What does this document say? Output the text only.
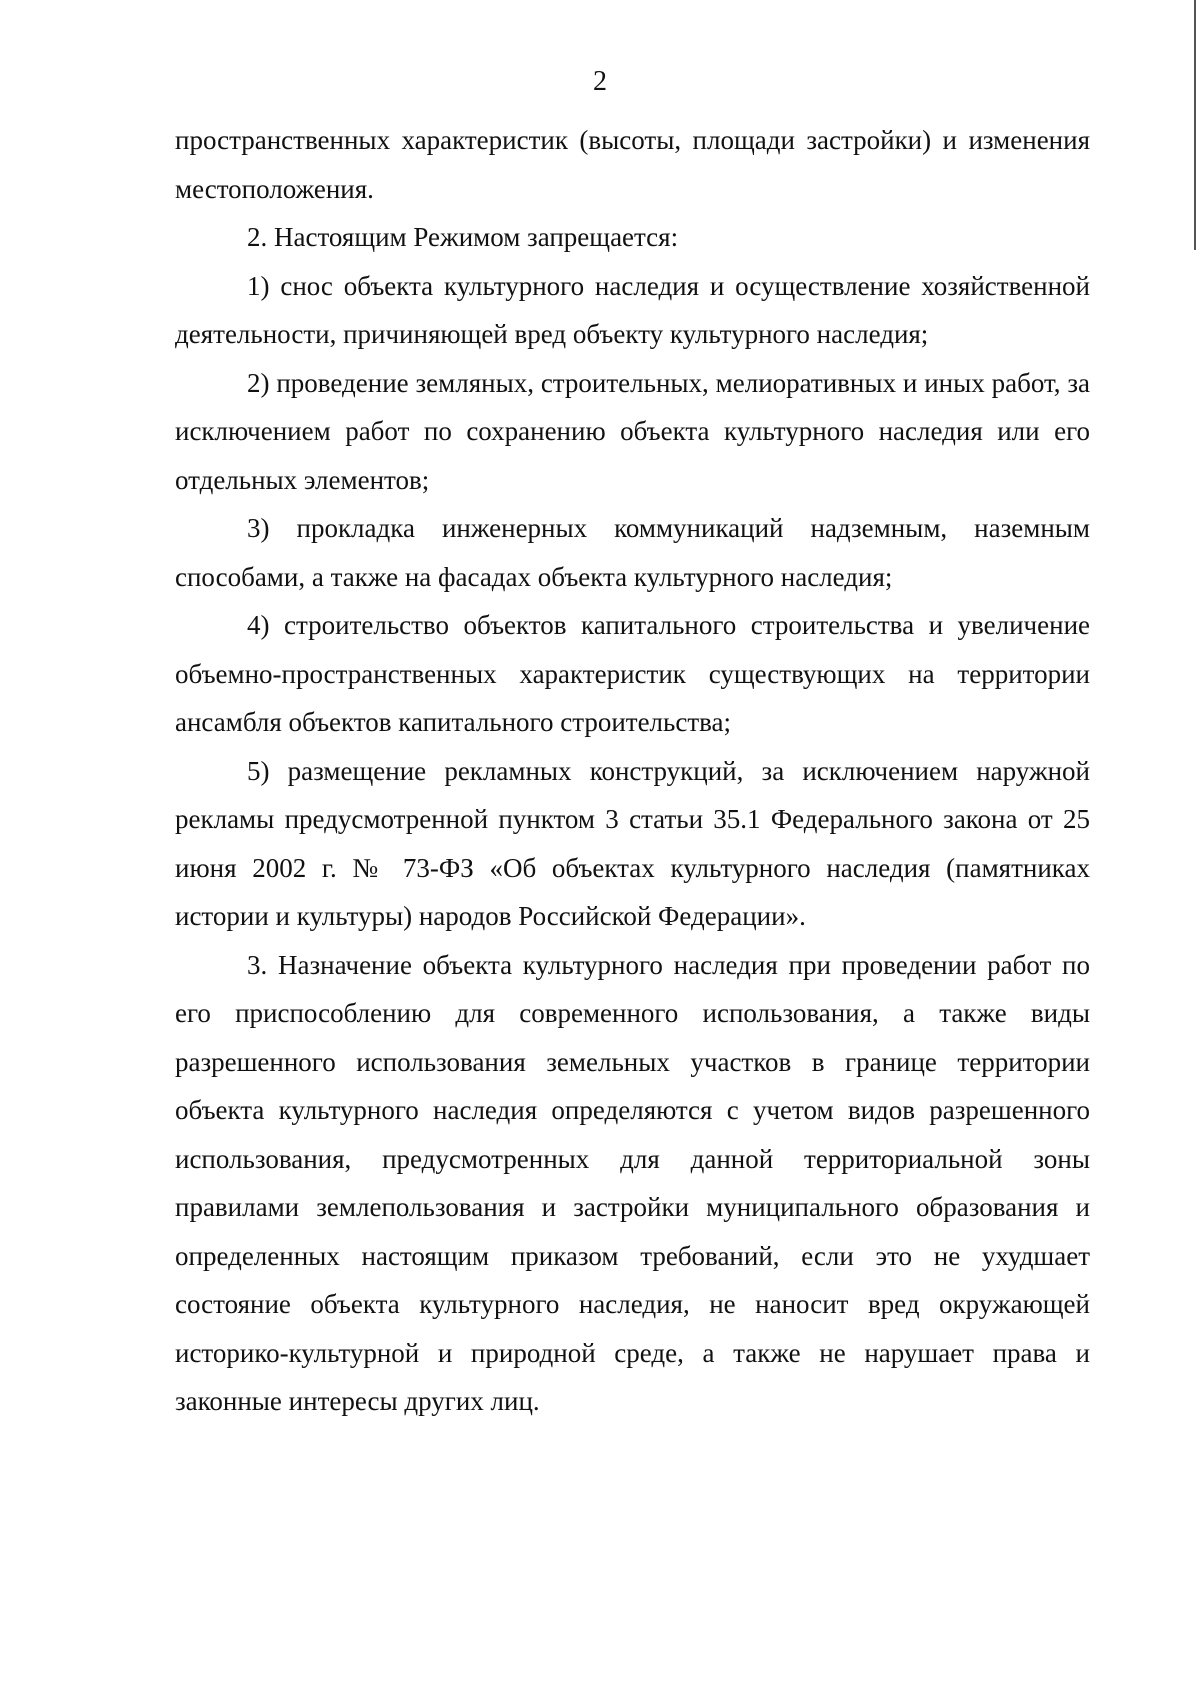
2

пространственных характеристик (высоты, площади застройки) и изменения местоположения.

2. Настоящим Режимом запрещается:

1) снос объекта культурного наследия и осуществление хозяйственной деятельности, причиняющей вред объекту культурного наследия;

2) проведение земляных, строительных, мелиоративных и иных работ, за исключением работ по сохранению объекта культурного наследия или его отдельных элементов;

3) прокладка инженерных коммуникаций надземным, наземным способами, а также на фасадах объекта культурного наследия;

4) строительство объектов капитального строительства и увеличение объемно-пространственных характеристик существующих на территории ансамбля объектов капитального строительства;

5) размещение рекламных конструкций, за исключением наружной рекламы предусмотренной пунктом 3 статьи 35.1 Федерального закона от 25 июня 2002 г. № 73-ФЗ «Об объектах культурного наследия (памятниках истории и культуры) народов Российской Федерации».

3. Назначение объекта культурного наследия при проведении работ по его приспособлению для современного использования, а также виды разрешенного использования земельных участков в границе территории объекта культурного наследия определяются с учетом видов разрешенного использования, предусмотренных для данной территориальной зоны правилами землепользования и застройки муниципального образования и определенных настоящим приказом требований, если это не ухудшает состояние объекта культурного наследия, не наносит вред окружающей историко-культурной и природной среде, а также не нарушает права и законные интересы других лиц.
